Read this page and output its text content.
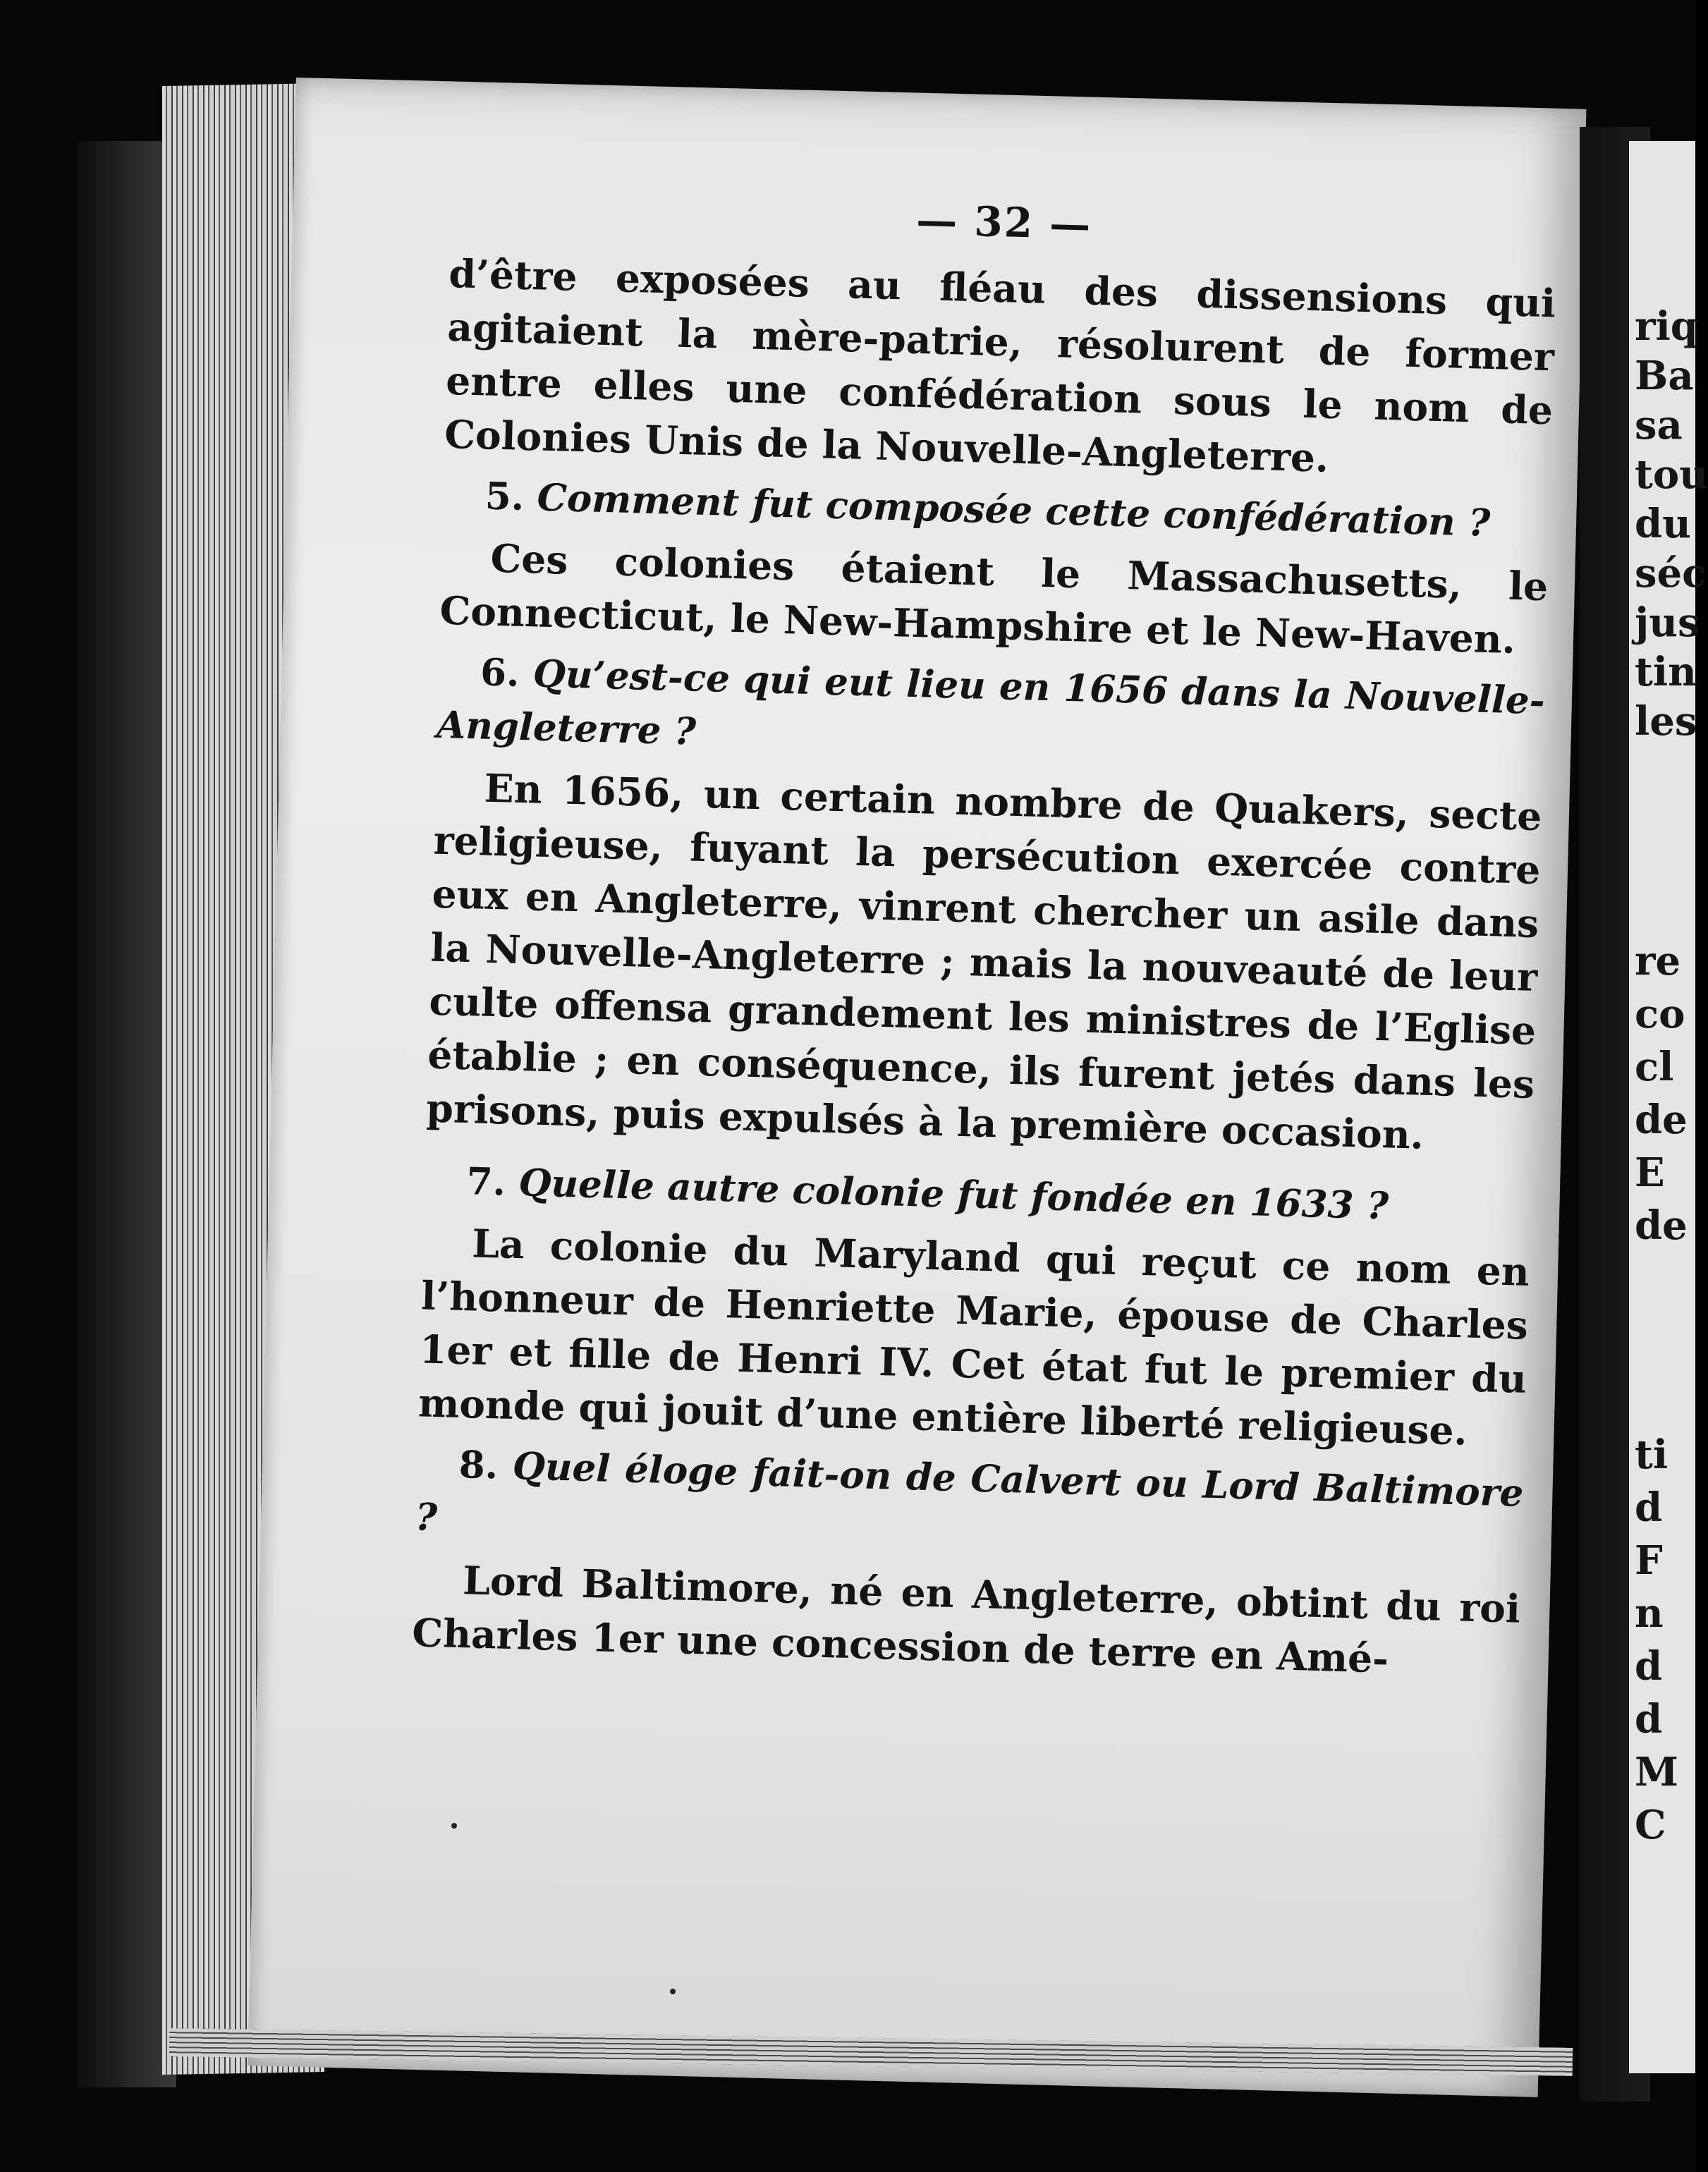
riq
Ba
sa
tou
du
séc
jus
tin
les
re
co
cl
de
E
de
ti
d
F
n
d
d
M
C
— 32 —

d’être exposées au fléau des dissensions qui agitaient la mère-patrie, résolurent de former entre elles une confédération sous le nom de Colonies Unis de la Nouvelle-Angleterre.

5. Comment fut composée cette confédération ?

Ces colonies étaient le Massachusetts, le Connecticut, le New-Hampshire et le New-Haven.

6. Qu’est-ce qui eut lieu en 1656 dans la Nouvelle-Angleterre ?

En 1656, un certain nombre de Quakers, secte religieuse, fuyant la persécution exercée contre eux en Angleterre, vinrent chercher un asile dans la Nouvelle-Angleterre ; mais la nouveauté de leur culte offensa grandement les ministres de l’Eglise établie ; en conséquence, ils furent jetés dans les prisons, puis expulsés à la première occasion.

7. Quelle autre colonie fut fondée en 1633 ?

La colonie du Maryland qui reçut ce nom en l’honneur de Henriette Marie, épouse de Charles 1er et fille de Henri IV. Cet état fut le premier du monde qui jouit d’une entière liberté religieuse.

8. Quel éloge fait-on de Calvert ou Lord Baltimore ?

Lord Baltimore, né en Angleterre, obtint du roi Charles 1er une concession de terre en Amé-
